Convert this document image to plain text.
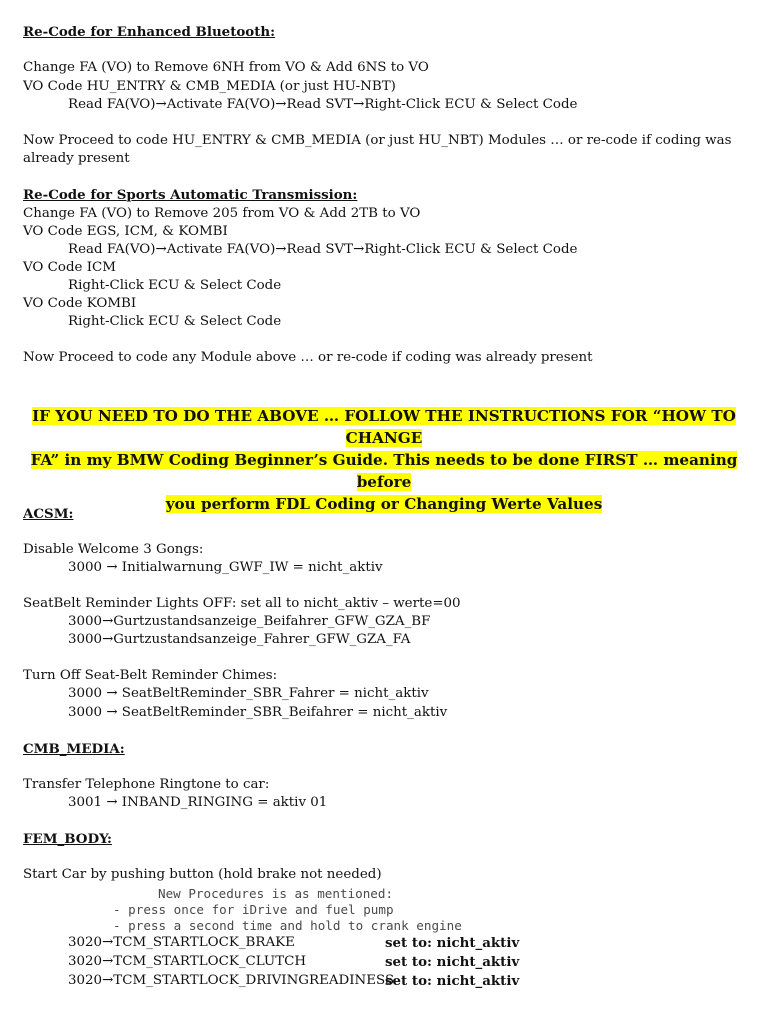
Re-Code for Enhanced Bluetooth:
Change FA (VO) to Remove 6NH from VO & Add 6NS to VO
VO Code HU_ENTRY & CMB_MEDIA (or just HU-NBT)
Read FA(VO)→Activate FA(VO)→Read SVT→Right-Click ECU & Select Code
Now Proceed to code HU_ENTRY & CMB_MEDIA (or just HU_NBT) Modules … or re-code if coding was already present
Re-Code for Sports Automatic Transmission:
Change FA (VO) to Remove 205 from VO & Add 2TB to VO
VO Code EGS, ICM, & KOMBI
Read FA(VO)→Activate FA(VO)→Read SVT→Right-Click ECU & Select Code
VO Code ICM
Right-Click ECU & Select Code
VO Code KOMBI
Right-Click ECU & Select Code
Now Proceed to code any Module above … or re-code if coding was already present
IF YOU NEED TO DO THE ABOVE … FOLLOW THE INSTRUCTIONS FOR “HOW TO CHANGE
FA” in my BMW Coding Beginner’s Guide. This needs to be done FIRST … meaning before
you perform FDL Coding or Changing Werte Values
ACSM:
Disable Welcome 3 Gongs:
3000 → Initialwarnung_GWF_IW = nicht_aktiv
SeatBelt Reminder Lights OFF: set all to nicht_aktiv – werte=00
3000→Gurtzustandsanzeige_Beifahrer_GFW_GZA_BF
3000→Gurtzustandsanzeige_Fahrer_GFW_GZA_FA
Turn Off Seat-Belt Reminder Chimes:
3000 → SeatBeltReminder_SBR_Fahrer = nicht_aktiv
3000 → SeatBeltReminder_SBR_Beifahrer = nicht_aktiv
CMB_MEDIA:
Transfer Telephone Ringtone to car:
3001 → INBAND_RINGING = aktiv 01
FEM_BODY:
Start Car by pushing button (hold brake not needed)
New Procedures is as mentioned:
- press once for iDrive and fuel pump
- press a second time and hold to crank engine
3020→TCM_STARTLOCK_BRAKE	set to: nicht_aktiv
3020→TCM_STARTLOCK_CLUTCH	set to: nicht_aktiv
3020→TCM_STARTLOCK_DRIVINGREADINESS
set to: nicht_aktiv
